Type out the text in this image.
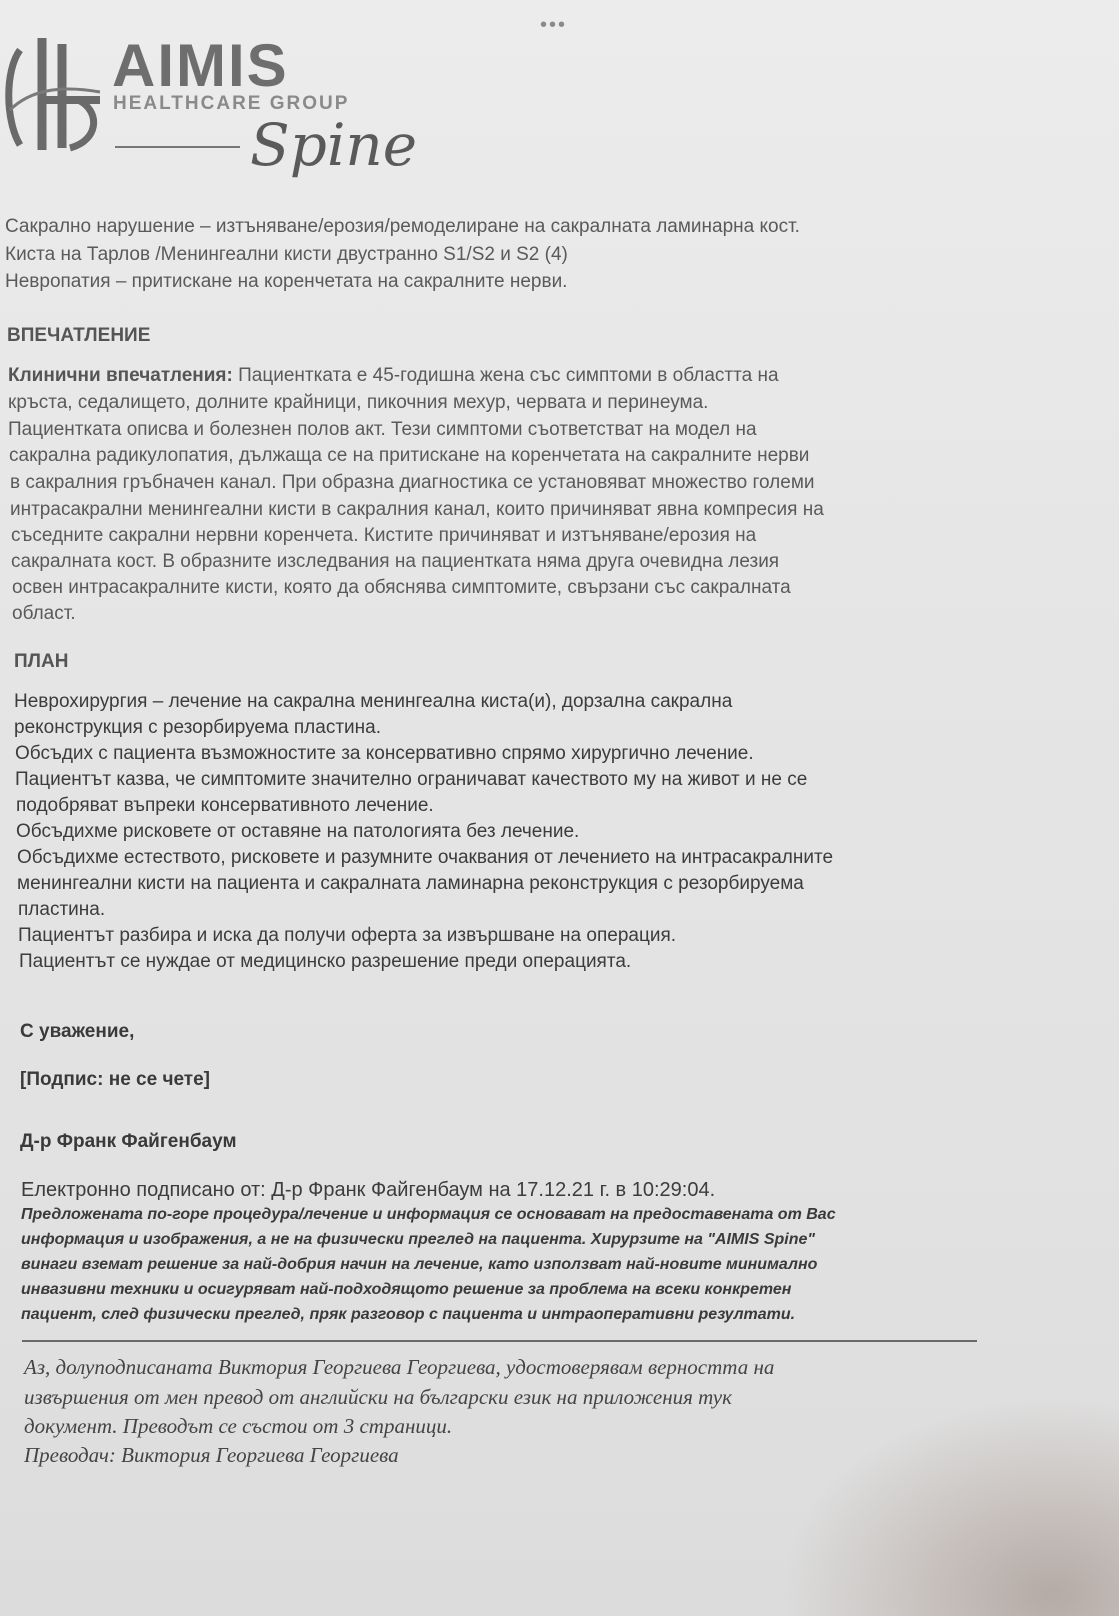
•••
AIMIS
HEALTHCARE GROUP
Spine
Сакрално нарушение – изтъняване/ерозия/ремоделиране на сакралната ламинарна кост.
Киста на Тарлов /Менингеални кисти двустранно S1/S2 и S2 (4)
Невропатия – притискане на коренчетата на сакралните нерви.
ВПЕЧАТЛЕНИЕ
Клинични впечатления: Пациентката е 45-годишна жена със симптоми в областта на
кръста, седалището, долните крайници, пикочния мехур, червата и перинеума.
Пациентката описва и болезнен полов акт. Тези симптоми съответстват на модел на
сакрална радикулопатия, дължаща се на притискане на коренчетата на сакралните нерви
в сакралния гръбначен канал. При образна диагностика се установяват множество големи
интрасакрални менингеални кисти в сакралния канал, които причиняват явна компресия на
съседните сакрални нервни коренчета. Кистите причиняват и изтъняване/ерозия на
сакралната кост. В образните изследвания на пациентката няма друга очевидна лезия
освен интрасакралните кисти, която да обяснява симптомите, свързани със сакралната
област.
ПЛАН
Неврохирургия – лечение на сакрална менингеална киста(и), дорзална сакрална
реконструкция с резорбируема пластина.
Обсъдих с пациента възможностите за консервативно спрямо хирургично лечение.
Пациентът казва, че симптомите значително ограничават качеството му на живот и не се
подобряват въпреки консервативното лечение.
Обсъдихме рисковете от оставяне на патологията без лечение.
Обсъдихме естеството, рисковете и разумните очаквания от лечението на интрасакралните
менингеални кисти на пациента и сакралната ламинарна реконструкция с резорбируема
пластина.
Пациентът разбира и иска да получи оферта за извършване на операция.
Пациентът се нуждае от медицинско разрешение преди операцията.
С уважение,
[Подпис: не се чете]
Д-р Франк Файгенбаум
Електронно подписано от: Д-р Франк Файгенбаум на 17.12.21 г. в 10:29:04.
Предложената по-горе процедура/лечение и информация се основават на предоставената от Вас
информация и изображения, а не на физически преглед на пациента. Хирурзите на "AIMIS Spine"
винаги вземат решение за най-добрия начин на лечение, като използват най-новите минимално
инвазивни техники и осигуряват най-подходящото решение за проблема на всеки конкретен
пациент, след физически преглед, пряк разговор с пациента и интраоперативни резултати.
Аз, долуподписаната Виктория Георгиева Георгиева, удостоверявам верността на
извършения от мен превод от английски на български език на приложения тук
документ. Преводът се състои от 3 страници.
Преводач: Виктория Георгиева Георгиева
